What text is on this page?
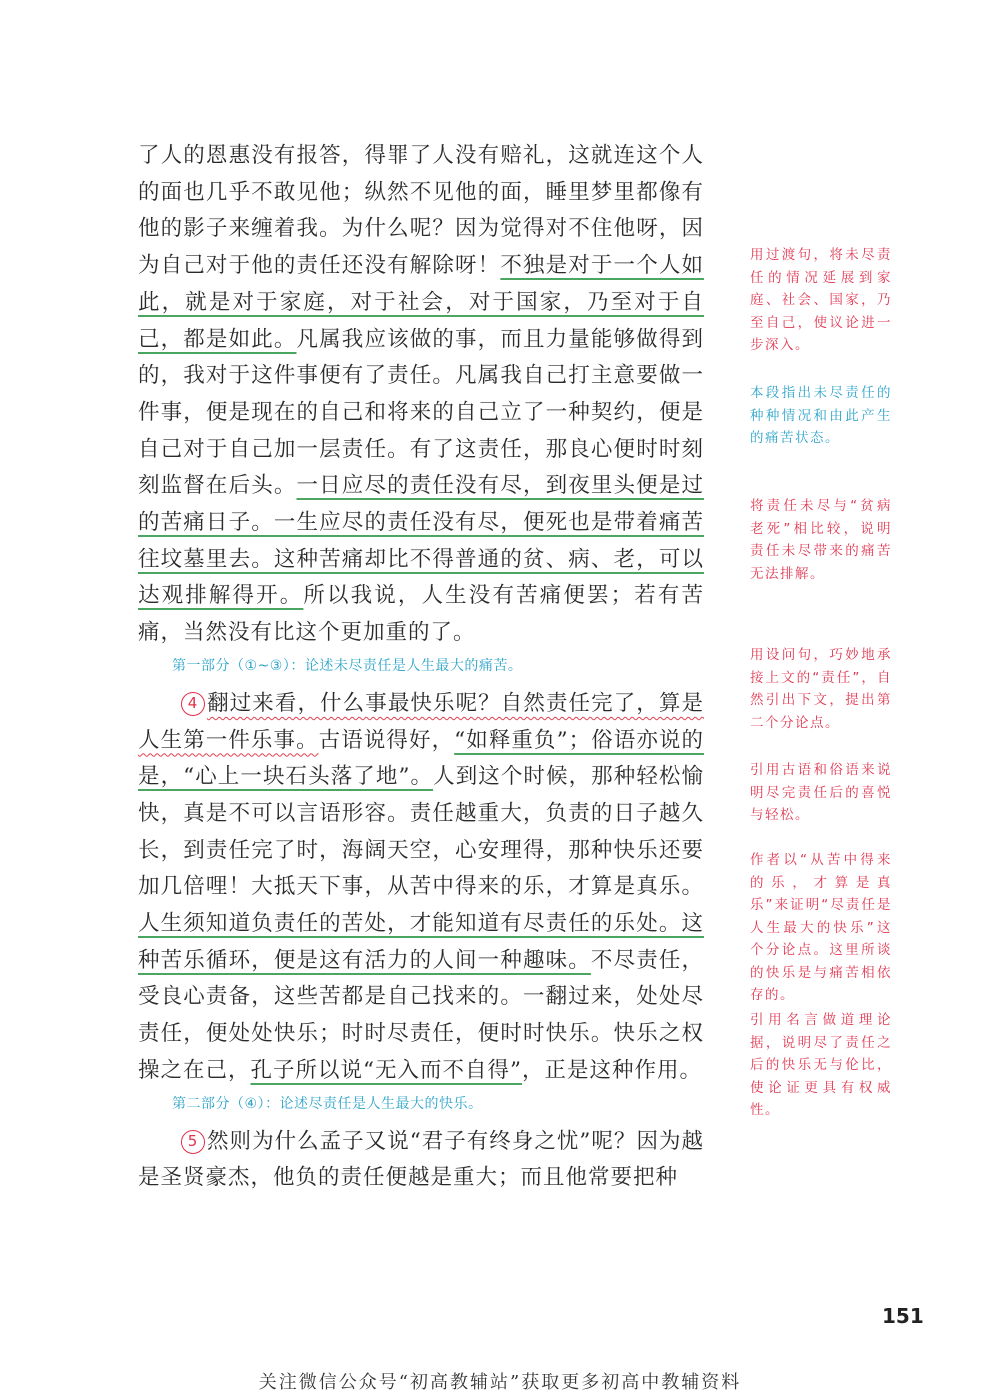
了人的恩惠没有报答，得罪了人没有赔礼，这就连这个人的面也几乎不敢见他；纵然不见他的面，睡里梦里都像有他的影子来缠着我。为什么呢？因为觉得对不住他呀，因为自己对于他的责任还没有解除呀！不独是对于一个人如此，就是对于家庭，对于社会，对于国家，乃至对于自己，都是如此。凡属我应该做的事，而且力量能够做得到的，我对于这件事便有了责任。凡属我自己打主意要做一件事，便是现在的自己和将来的自己立了一种契约，便是自己对于自己加一层责任。有了这责任，那良心便时时刻刻监督在后头。一日应尽的责任没有尽，到夜里头便是过的苦痛日子。一生应尽的责任没有尽，便死也是带着痛苦往坟墓里去。这种苦痛却比不得普通的贫、病、老，可以达观排解得开。所以我说，人生没有苦痛便罢；若有苦痛，当然没有比这个更加重的了。

第一部分（①~③）：论述未尽责任是人生最大的痛苦。

4 翻过来看，什么事最快乐呢？自然责任完了，算是人生第一件乐事。古语说得好，“如释重负”；俗语亦说的是，“心上一块石头落了地”。人到这个时候，那种轻松愉快，真是不可以言语形容。责任越重大，负责的日子越久长，到责任完了时，海阔天空，心安理得，那种快乐还要加几倍哩！大抵天下事，从苦中得来的乐，才算是真乐。人生须知道负责任的苦处，才能知道有尽责任的乐处。这种苦乐循环，便是这有活力的人间一种趣味。不尽责任，受良心责备，这些苦都是自己找来的。一翻过来，处处尽责任，便处处快乐；时时尽责任，便时时快乐。快乐之权操之在己，孔子所以说“无入而不自得”，正是这种作用。

第二部分（④）：论述尽责任是人生最大的快乐。

5 然则为什么孟子又说“君子有终身之忧”呢？因为越是圣贤豪杰，他负的责任便越是重大；而且他常要把种

用过渡句，将未尽责任的情况延展到家庭、社会、国家，乃至自己，使议论进一步深入。
本段指出未尽责任的种种情况和由此产生的痛苦状态。
将责任未尽与“贫病老死”相比较，说明责任未尽带来的痛苦无法排解。
用设问句，巧妙地承接上文的“责任”，自然引出下文，提出第二个分论点。
引用古语和俗语来说明尽完责任后的喜悦与轻松。
作者以“从苦中得来的乐，才算是真乐”来证明“尽责任是人生最大的快乐”这个分论点。这里所谈的快乐是与痛苦相依存的。
引用名言做道理论据，说明尽了责任之后的快乐无与伦比，使论证更具有权威性。
151
关注微信公众号“初高教辅站”获取更多初高中教辅资料
